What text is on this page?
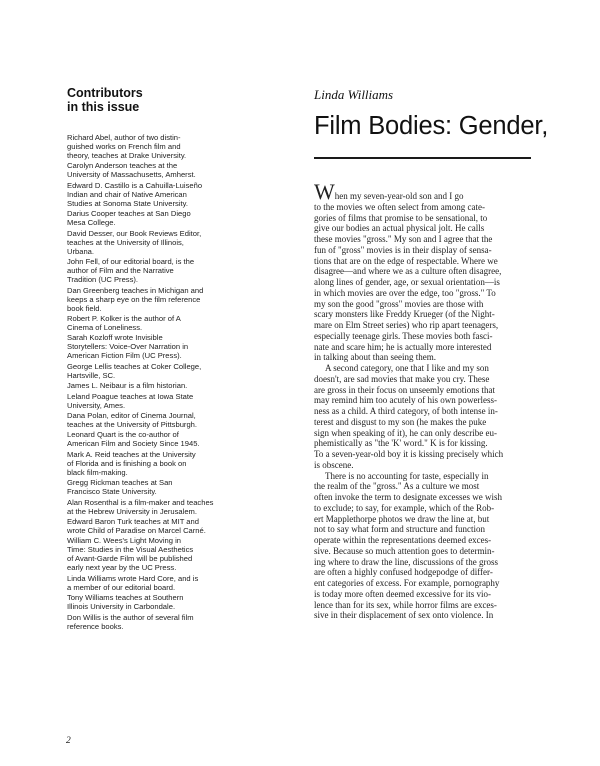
Contributors
in this issue
Richard Abel, author of two distin-
guished works on French film and
theory, teaches at Drake University.
Carolyn Anderson teaches at the
University of Massachusetts, Amherst.
Edward D. Castillo is a Cahuilla-Luiseño
Indian and chair of Native American
Studies at Sonoma State University.
Darius Cooper teaches at San Diego
Mesa College.
David Desser, our Book Reviews Editor,
teaches at the University of Illinois,
Urbana.
John Fell, of our editorial board, is the
author of Film and the Narrative
Tradition (UC Press).
Dan Greenberg teaches in Michigan and
keeps a sharp eye on the film reference
book field.
Robert P. Kolker is the author of A
Cinema of Loneliness.
Sarah Kozloff wrote Invisible
Storytellers: Voice-Over Narration in
American Fiction Film (UC Press).
George Lellis teaches at Coker College,
Hartsville, SC.
James L. Neibaur is a film historian.
Leland Poague teaches at Iowa State
University, Ames.
Dana Polan, editor of Cinema Journal,
teaches at the University of Pittsburgh.
Leonard Quart is the co-author of
American Film and Society Since 1945.
Mark A. Reid teaches at the University
of Florida and is finishing a book on
black film-making.
Gregg Rickman teaches at San
Francisco State University.
Alan Rosenthal is a film-maker and teaches
at the Hebrew University in Jerusalem.
Edward Baron Turk teaches at MIT and
wrote Child of Paradise on Marcel Carné.
William C. Wees's Light Moving in
Time: Studies in the Visual Aesthetics
of Avant-Garde Film will be published
early next year by the UC Press.
Linda Williams wrote Hard Core, and is
a member of our editorial board.
Tony Williams teaches at Southern
Illinois University in Carbondale.
Don Willis is the author of several film
reference books.
Linda Williams
Film Bodies: Gender,
When my seven-year-old son and I go
to the movies we often select from among cate-
gories of films that promise to be sensational, to
give our bodies an actual physical jolt. He calls
these movies "gross." My son and I agree that the
fun of "gross" movies is in their display of sensa-
tions that are on the edge of respectable. Where we
disagree—and where we as a culture often disagree,
along lines of gender, age, or sexual orientation—is
in which movies are over the edge, too "gross." To
my son the good "gross" movies are those with
scary monsters like Freddy Krueger (of the Night-
mare on Elm Street series) who rip apart teenagers,
especially teenage girls. These movies both fasci-
nate and scare him; he is actually more interested
in talking about than seeing them.
A second category, one that I like and my son
doesn't, are sad movies that make you cry. These
are gross in their focus on unseemly emotions that
may remind him too acutely of his own powerless-
ness as a child. A third category, of both intense in-
terest and disgust to my son (he makes the puke
sign when speaking of it), he can only describe eu-
phemistically as "the 'K' word." K is for kissing.
To a seven-year-old boy it is kissing precisely which
is obscene.
There is no accounting for taste, especially in
the realm of the "gross." As a culture we most
often invoke the term to designate excesses we wish
to exclude; to say, for example, which of the Rob-
ert Mapplethorpe photos we draw the line at, but
not to say what form and structure and function
operate within the representations deemed exces-
sive. Because so much attention goes to determin-
ing where to draw the line, discussions of the gross
are often a highly confused hodgepodge of differ-
ent categories of excess. For example, pornography
is today more often deemed excessive for its vio-
lence than for its sex, while horror films are exces-
sive in their displacement of sex onto violence. In
2
